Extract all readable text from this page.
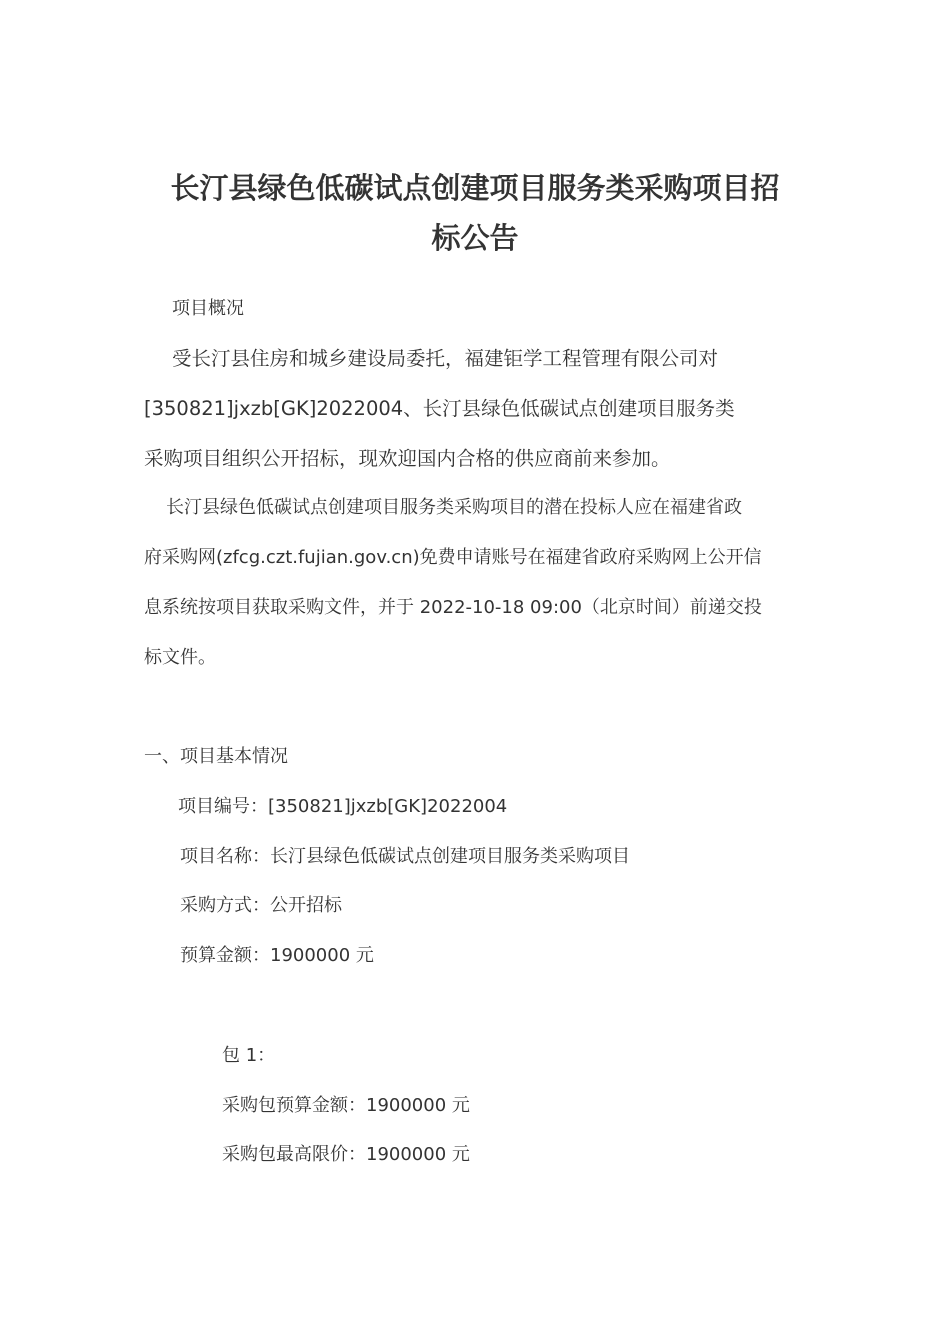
长汀县绿色低碳试点创建项目服务类采购项目招
标公告

项目概况

受长汀县住房和城乡建设局委托，福建钜学工程管理有限公司对

[350821]jxzb[GK]2022004、长汀县绿色低碳试点创建项目服务类

采购项目组织公开招标，现欢迎国内合格的供应商前来参加。

长汀县绿色低碳试点创建项目服务类采购项目的潜在投标人应在福建省政

府采购网(zfcg.czt.fujian.gov.cn)免费申请账号在福建省政府采购网上公开信

息系统按项目获取采购文件，并于 2022-10-18 09:00（北京时间）前递交投

标文件。

一、项目基本情况

项目编号：[350821]jxzb[GK]2022004

项目名称：长汀县绿色低碳试点创建项目服务类采购项目

采购方式：公开招标

预算金额：1900000 元

包 1：

采购包预算金额：1900000 元

采购包最高限价：1900000 元
